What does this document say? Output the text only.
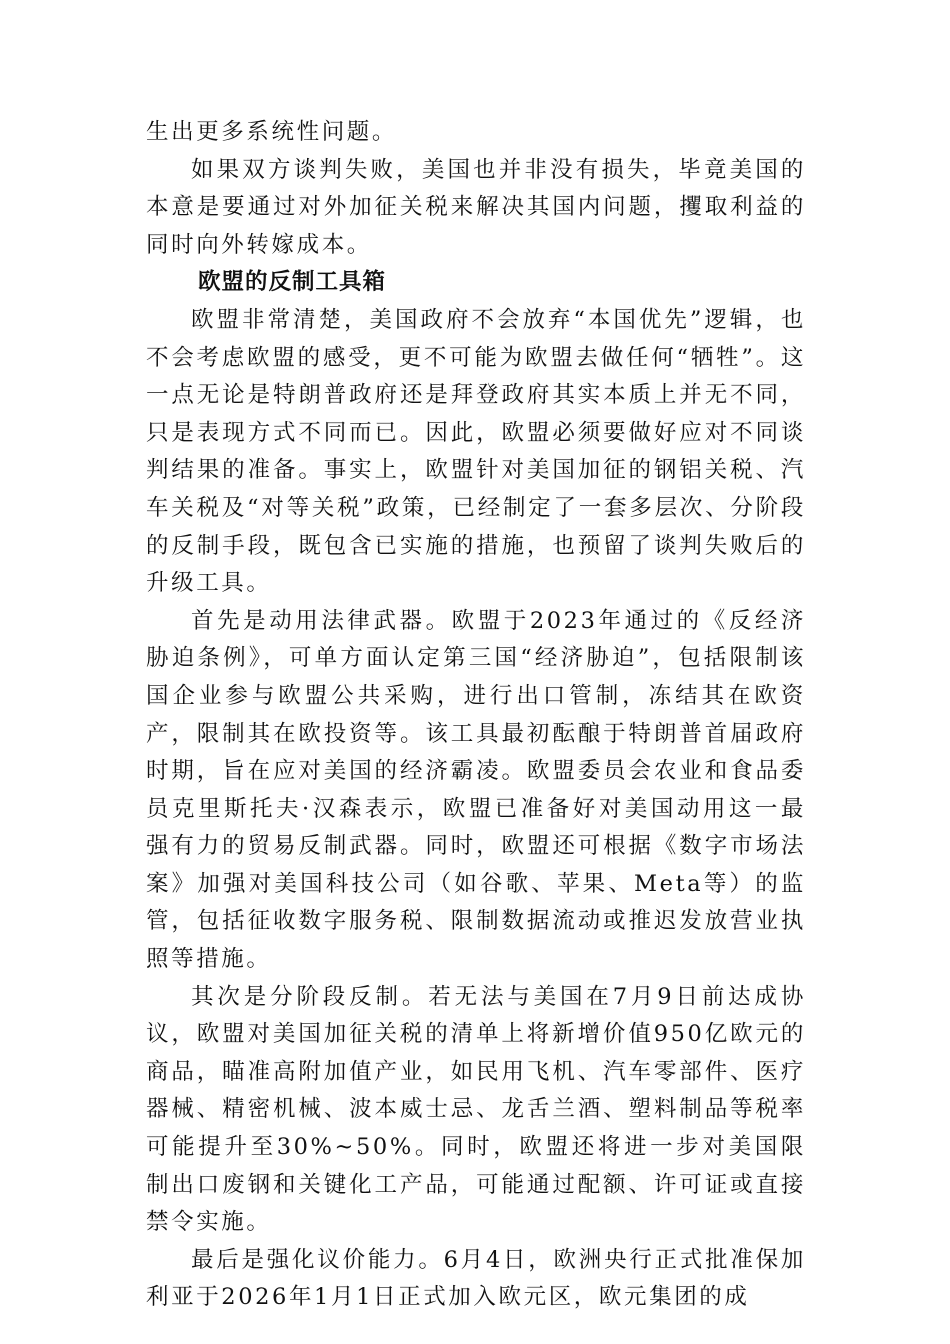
生出更多系统性问题。

如果双方谈判失败，美国也并非没有损失，毕竟美国的本意是要通过对外加征关税来解决其国内问题，攫取利益的同时向外转嫁成本。

欧盟的反制工具箱

欧盟非常清楚，美国政府不会放弃“本国优先”逻辑，也不会考虑欧盟的感受，更不可能为欧盟去做任何“牺牲”。这一点无论是特朗普政府还是拜登政府其实本质上并无不同，只是表现方式不同而已。因此，欧盟必须要做好应对不同谈判结果的准备。事实上，欧盟针对美国加征的钢铝关税、汽车关税及“对等关税”政策，已经制定了一套多层次、分阶段的反制手段，既包含已实施的措施，也预留了谈判失败后的升级工具。

首先是动用法律武器。欧盟于2023年通过的《反经济胁迫条例》，可单方面认定第三国“经济胁迫”，包括限制该国企业参与欧盟公共采购，进行出口管制，冻结其在欧资产，限制其在欧投资等。该工具最初酝酿于特朗普首届政府时期，旨在应对美国的经济霸凌。欧盟委员会农业和食品委员克里斯托夫·汉森表示，欧盟已准备好对美国动用这一最强有力的贸易反制武器。同时，欧盟还可根据《数字市场法案》加强对美国科技公司（如谷歌、苹果、Meta等）的监管，包括征收数字服务税、限制数据流动或推迟发放营业执照等措施。

其次是分阶段反制。若无法与美国在7月9日前达成协议，欧盟对美国加征关税的清单上将新增价值950亿欧元的商品，瞄准高附加值产业，如民用飞机、汽车零部件、医疗器械、精密机械、波本威士忌、龙舌兰酒、塑料制品等税率可能提升至30%~50%。同时，欧盟还将进一步对美国限制出口废钢和关键化工产品，可能通过配额、许可证或直接禁令实施。

最后是强化议价能力。6月4日，欧洲央行正式批准保加利亚于2026年1月1日正式加入欧元区，欧元集团的成
